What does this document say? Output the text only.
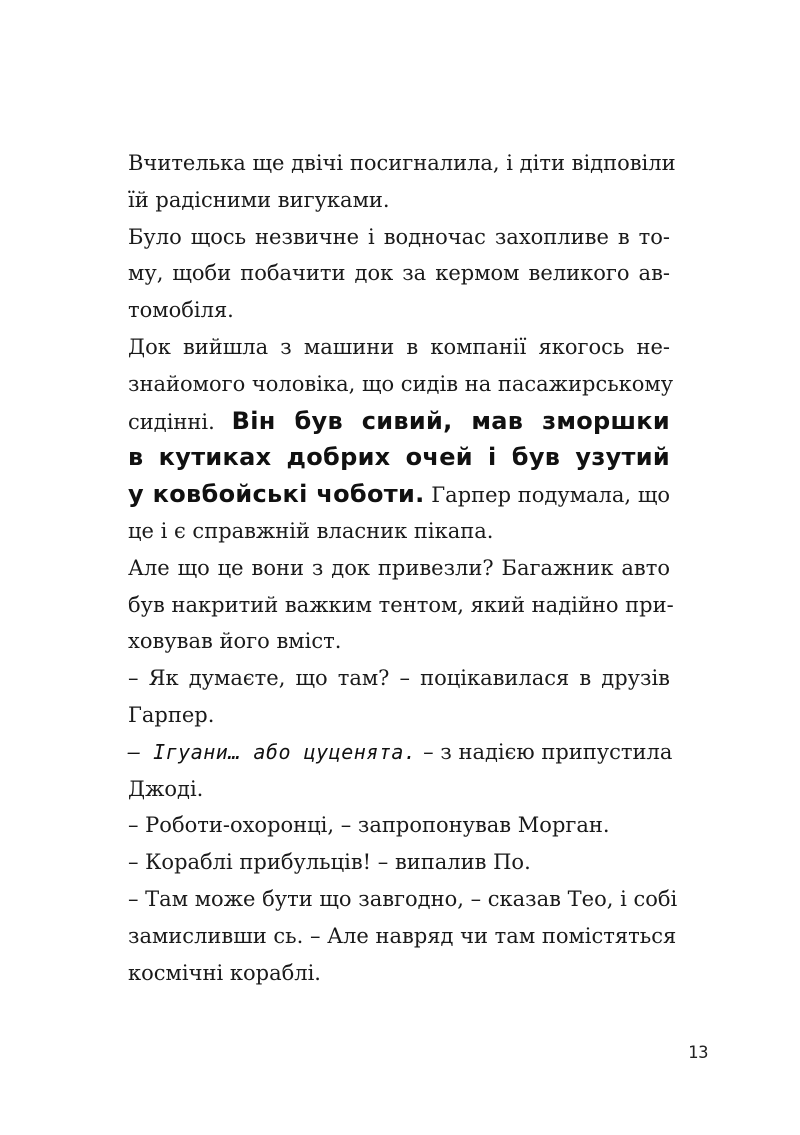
Вчителька ще двічі посигналила, і діти відповіли
їй радісними вигуками.
Було щось незвичне і водночас захопливе в то-
му, щоби побачити док за кермом великого ав-
томобіля.
Док вийшла з машини в компанії якогось не-
знайомого чоловіка, що сидів на пасажирському
сидінні. Він був сивий, мав зморшки
в кутиках добрих очей і був узутий
у ковбойські чоботи. Гарпер подумала, що
це і є справжній власник пікапа.
Але що це вони з док привезли? Багажник авто
був накритий важким тентом, який надійно при-
ховував його вміст.
– Як думаєте, що там? – поцікавилася в друзів
Гарпер.
– Ігуани… або цуценята. – з надією припустила
Джоді.
– Роботи-охоронці, – запропонував Морган.
– Кораблі прибульців! – випалив По.
– Там може бути що завгодно, – сказав Тео, і собі
замисливши сь. – Але навряд чи там помістяться
космічні кораблі.
13
